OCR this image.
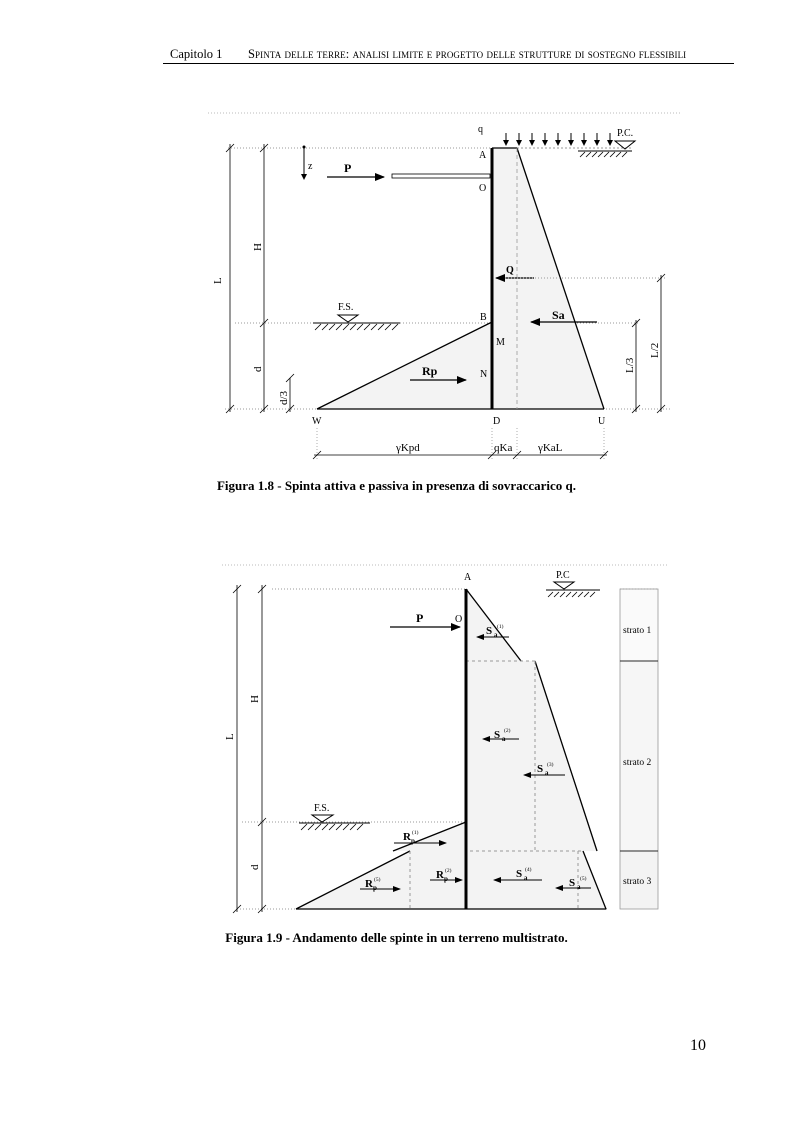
Capitolo 1 Spinta delle terre: analisi limite e progetto delle strutture di sostegno flessibili
q	P.C.
L
H
d
d/3
z	P
F.S.
Rp
Q
Sa
L/3
L/2
A
O
B
M
N
W	D	U
γKpd	qKa γKaL
Figura 1.8 - Spinta attiva e passiva in presenza di sovraccarico q.
L
H
d
P.C
F.S.
A
O
P
S a
(1)
S a
(2)
S a
(3)
S a
(4)
S a
(5)
R p
(1)
R p
(2)
R p
(5)
strato 1
strato 2
strato 3
Figura 1.9 - Andamento delle spinte in un terreno multistrato.
10
